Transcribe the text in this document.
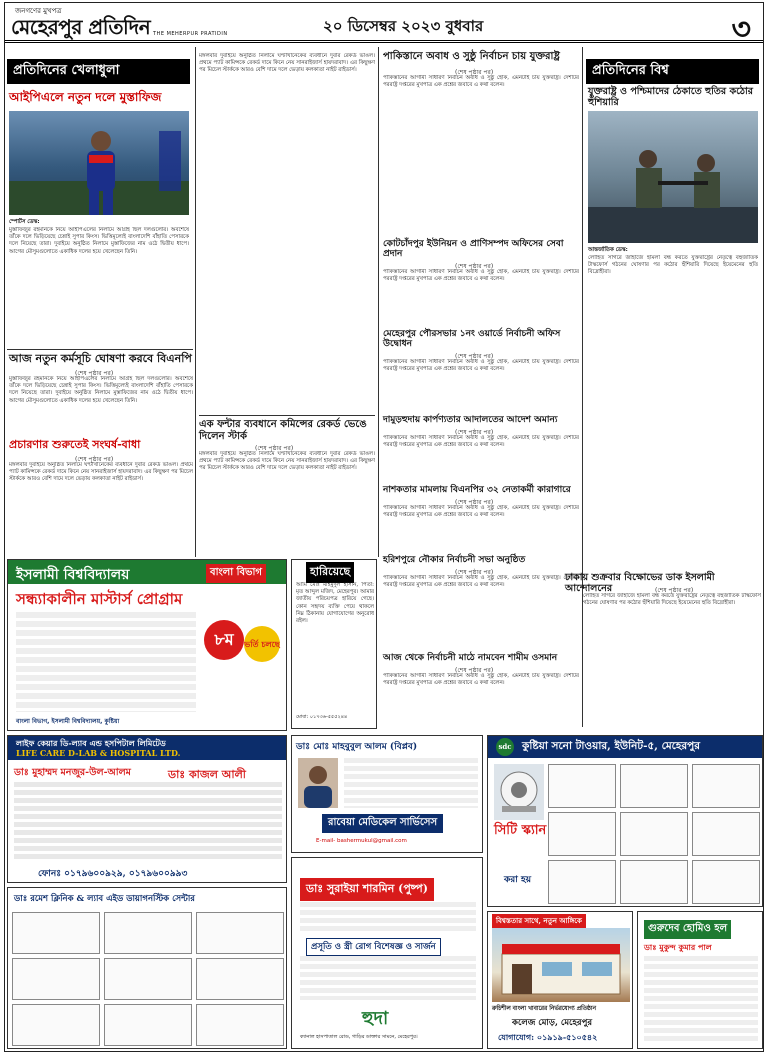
জনগণের মুখপত্র
মেহেরপুর প্রতিদিন THE MEHERPUR PRATIDIN	২০ ডিসেম্বর ২০২৩ বুধবার	৩
প্রতিদিনের খেলাধুলা
আইপিএলে নতুন দলে মুস্তাফিজ
স্পোর্টস ডেস্ক:
মুস্তাফিজুর রহমানকে নিয়ে আইপিএলের নিলামে আগ্রহ ছিল দলগুলোর। অবশেষে তাঁকে দলে ভিড়িয়েছে চেন্নাই সুপার কিংস। ভিত্তিমূল্যেই বাংলাদেশি বাঁহাতি পেসারকে দলে নিয়েছে তারা। দুবাইয়ে অনুষ্ঠিত নিলামে মুস্তাফিজের নাম ওঠে দ্বিতীয় ধাপে। আগের মৌসুমগুলোতে একাধিক দলের হয়ে খেলেছেন তিনি।
আজ নতুন কর্মসূচি ঘোষণা করবে বিএনপি
(শেষ পৃষ্ঠার পর)
মুস্তাফিজুর রহমানকে নিয়ে আইপিএলের নিলামে আগ্রহ ছিল দলগুলোর। অবশেষে তাঁকে দলে ভিড়িয়েছে চেন্নাই সুপার কিংস। ভিত্তিমূল্যেই বাংলাদেশি বাঁহাতি পেসারকে দলে নিয়েছে তারা। দুবাইয়ে অনুষ্ঠিত নিলামে মুস্তাফিজের নাম ওঠে দ্বিতীয় ধাপে। আগের মৌসুমগুলোতে একাধিক দলের হয়ে খেলেছেন তিনি।
প্রচারণার শুরুতেই সংঘর্ষ-বাধা
(শেষ পৃষ্ঠার পর)
মঙ্গলবার দুবাইয়ে অনুষ্ঠিত নিলামে ঘণ্টাখানেকের ব্যবধানে দুবার রেকর্ড ভাঙল। প্রথমে প্যাট কামিন্সকে রেকর্ড দামে কিনে নেয় সানরাইজার্স হায়দরাবাদ। এর কিছুক্ষণ পর মিচেল স্টার্ককে আরও বেশি দামে দলে ভেড়ায় কলকাতা নাইট রাইডার্স।
মঙ্গলবার দুবাইয়ে অনুষ্ঠিত নিলামে ঘণ্টাখানেকের ব্যবধানে দুবার রেকর্ড ভাঙল। প্রথমে প্যাট কামিন্সকে রেকর্ড দামে কিনে নেয় সানরাইজার্স হায়দরাবাদ। এর কিছুক্ষণ পর মিচেল স্টার্ককে আরও বেশি দামে দলে ভেড়ায় কলকাতা নাইট রাইডার্স।
এক ফন্টার ব্যবধানে কমিন্সের রেকর্ড ভেঙে দিলেন স্টার্ক
(শেষ পৃষ্ঠার পর)
মঙ্গলবার দুবাইয়ে অনুষ্ঠিত নিলামে ঘণ্টাখানেকের ব্যবধানে দুবার রেকর্ড ভাঙল। প্রথমে প্যাট কামিন্সকে রেকর্ড দামে কিনে নেয় সানরাইজার্স হায়দরাবাদ। এর কিছুক্ষণ পর মিচেল স্টার্ককে আরও বেশি দামে দলে ভেড়ায় কলকাতা নাইট রাইডার্স।
পাকিস্তানে অবাধ ও সুষ্ঠু নির্বাচন চায় যুক্তরাষ্ট্র
(শেষ পৃষ্ঠার পর)
পাকিস্তানের আগামী সাধারণ নির্বাচন অবাধ ও সুষ্ঠু হোক, এমনটাই চায় যুক্তরাষ্ট্র। দেশটির পররাষ্ট্র দপ্তরের মুখপাত্র এক প্রশ্নের জবাবে এ কথা বলেন।
কোটচাঁদপুর ইউনিয়ন ও প্রাণিসম্পদ অফিসের সেবা প্রদান
(শেষ পৃষ্ঠার পর)
পাকিস্তানের আগামী সাধারণ নির্বাচন অবাধ ও সুষ্ঠু হোক, এমনটাই চায় যুক্তরাষ্ট্র। দেশটির পররাষ্ট্র দপ্তরের মুখপাত্র এক প্রশ্নের জবাবে এ কথা বলেন।
মেহেরপুর পৌরসভার ১নং ওয়ার্ডে নির্বাচনী অফিস উদ্বোধন
(শেষ পৃষ্ঠার পর)
পাকিস্তানের আগামী সাধারণ নির্বাচন অবাধ ও সুষ্ঠু হোক, এমনটাই চায় যুক্তরাষ্ট্র। দেশটির পররাষ্ট্র দপ্তরের মুখপাত্র এক প্রশ্নের জবাবে এ কথা বলেন।
দামুড়হুদায় কার্পণ্যতার আদালতের আদেশ অমান্য
(শেষ পৃষ্ঠার পর)
পাকিস্তানের আগামী সাধারণ নির্বাচন অবাধ ও সুষ্ঠু হোক, এমনটাই চায় যুক্তরাষ্ট্র। দেশটির পররাষ্ট্র দপ্তরের মুখপাত্র এক প্রশ্নের জবাবে এ কথা বলেন।
নাশকতার মামলায় বিএনপির ৩২ নেতাকর্মী কারাগারে
(শেষ পৃষ্ঠার পর)
পাকিস্তানের আগামী সাধারণ নির্বাচন অবাধ ও সুষ্ঠু হোক, এমনটাই চায় যুক্তরাষ্ট্র। দেশটির পররাষ্ট্র দপ্তরের মুখপাত্র এক প্রশ্নের জবাবে এ কথা বলেন।
হরিশপুরে নৌকার নির্বাচনী সভা অনুষ্ঠিত
(শেষ পৃষ্ঠার পর)
পাকিস্তানের আগামী সাধারণ নির্বাচন অবাধ ও সুষ্ঠু হোক, এমনটাই চায় যুক্তরাষ্ট্র। দেশটির পররাষ্ট্র দপ্তরের মুখপাত্র এক প্রশ্নের জবাবে এ কথা বলেন।
আজ থেকে নির্বাচনী মাঠে নামবেন শামীম ওসমান
(শেষ পৃষ্ঠার পর)
পাকিস্তানের আগামী সাধারণ নির্বাচন অবাধ ও সুষ্ঠু হোক, এমনটাই চায় যুক্তরাষ্ট্র। দেশটির পররাষ্ট্র দপ্তরের মুখপাত্র এক প্রশ্নের জবাবে এ কথা বলেন।
প্রতিদিনের বিশ্ব
যুক্তরাষ্ট্র ও পশ্চিমাদের ঠেকাতে হুতির কঠোর হুঁশিয়ারি
আন্তর্জাতিক ডেস্ক:
লোহিত সাগরে জাহাজে হামলা বন্ধ করতে যুক্তরাষ্ট্রের নেতৃত্বে বহুজাতিক টাস্কফোর্স গঠনের ঘোষণার পর কঠোর হুঁশিয়ারি দিয়েছে ইয়েমেনের হুতি বিদ্রোহীরা।
ঢাকায় শুক্রবার বিক্ষোভের ডাক ইসলামী আন্দোলনের	(শেষ পৃষ্ঠার পর)
লোহিত সাগরে জাহাজে হামলা বন্ধ করতে যুক্তরাষ্ট্রের নেতৃত্বে বহুজাতিক টাস্কফোর্স গঠনের ঘোষণার পর কঠোর হুঁশিয়ারি দিয়েছে ইয়েমেনের হুতি বিদ্রোহীরা।
ইসলামী বিশ্ববিদ্যালয়	বাংলা বিভাগ
সন্ধ্যাকালীন মাস্টার্স প্রোগ্রাম
৮ম	ভর্তি চলছে
বাংলা বিভাগ, ইসলামী বিশ্ববিদ্যালয়, কুষ্টিয়া
হারিয়েছে
আমি মোঃ মাহমুদুল হাসান, পিতা: মৃত আব্দুল মজিদ, মেহেরপুর। আমার জাতীয় পরিচয়পত্র হারিয়ে গেছে। কোন সহৃদয় ব্যক্তি পেয়ে থাকলে নিম্ন ঠিকানায় যোগাযোগের অনুরোধ রইল।
মোবা: ০১৭৩৬-৫৫৫২৪৪
লাইফ কেয়ার ডি-ল্যাব এন্ড হসপিটাল লিমিটেড
LIFE CARE D-LAB & HOSPITAL LTD.
ডাঃ মুহাম্মদ মনজুর-উল-আলম	ডাঃ কাজল আলী
ফোনঃ ০১৭৯৬০০৯২৯, ০১৭৯৬০০৯৯৩
ডাঃ রমেশ ক্লিনিক & ল্যাব এইড ডায়াগনস্টিক সেন্টার
ডাঃ মোঃ মাহবুবুল আলম (বিপ্লব)
রাবেয়া মেডিকেল সার্ভিসেস
E-mail- bashermukul@gmail.com
ডাঃ সুরাইয়া শারমিন (পুষ্প)
প্রসূতি ও স্ত্রী রোগ বিশেষজ্ঞ ও সার্জন
হুদা
ক্যানাল হাসপাতাল রোড, গাড়ির ডাক্তার সামনে, মেহেরপুর।
কুষ্টিয়া সনো টাওয়ার, ইউনিট-৫, মেহেরপুর
sdc
সিটি স্ক্যান
করা হয়
বিশ্বস্ততার সাথে, নতুন আঙ্গিকে
রুচিশীল বাংলা খাবারের নির্ভরযোগ্য প্রতিষ্ঠান
কলেজ মোড়, মেহেরপুর
যোগাযোগ: ০১৯১৯-৫১০৫৪২
গুরুদেব হোমিও হল
ডাঃ মুকুন্দ কুমার পাল
